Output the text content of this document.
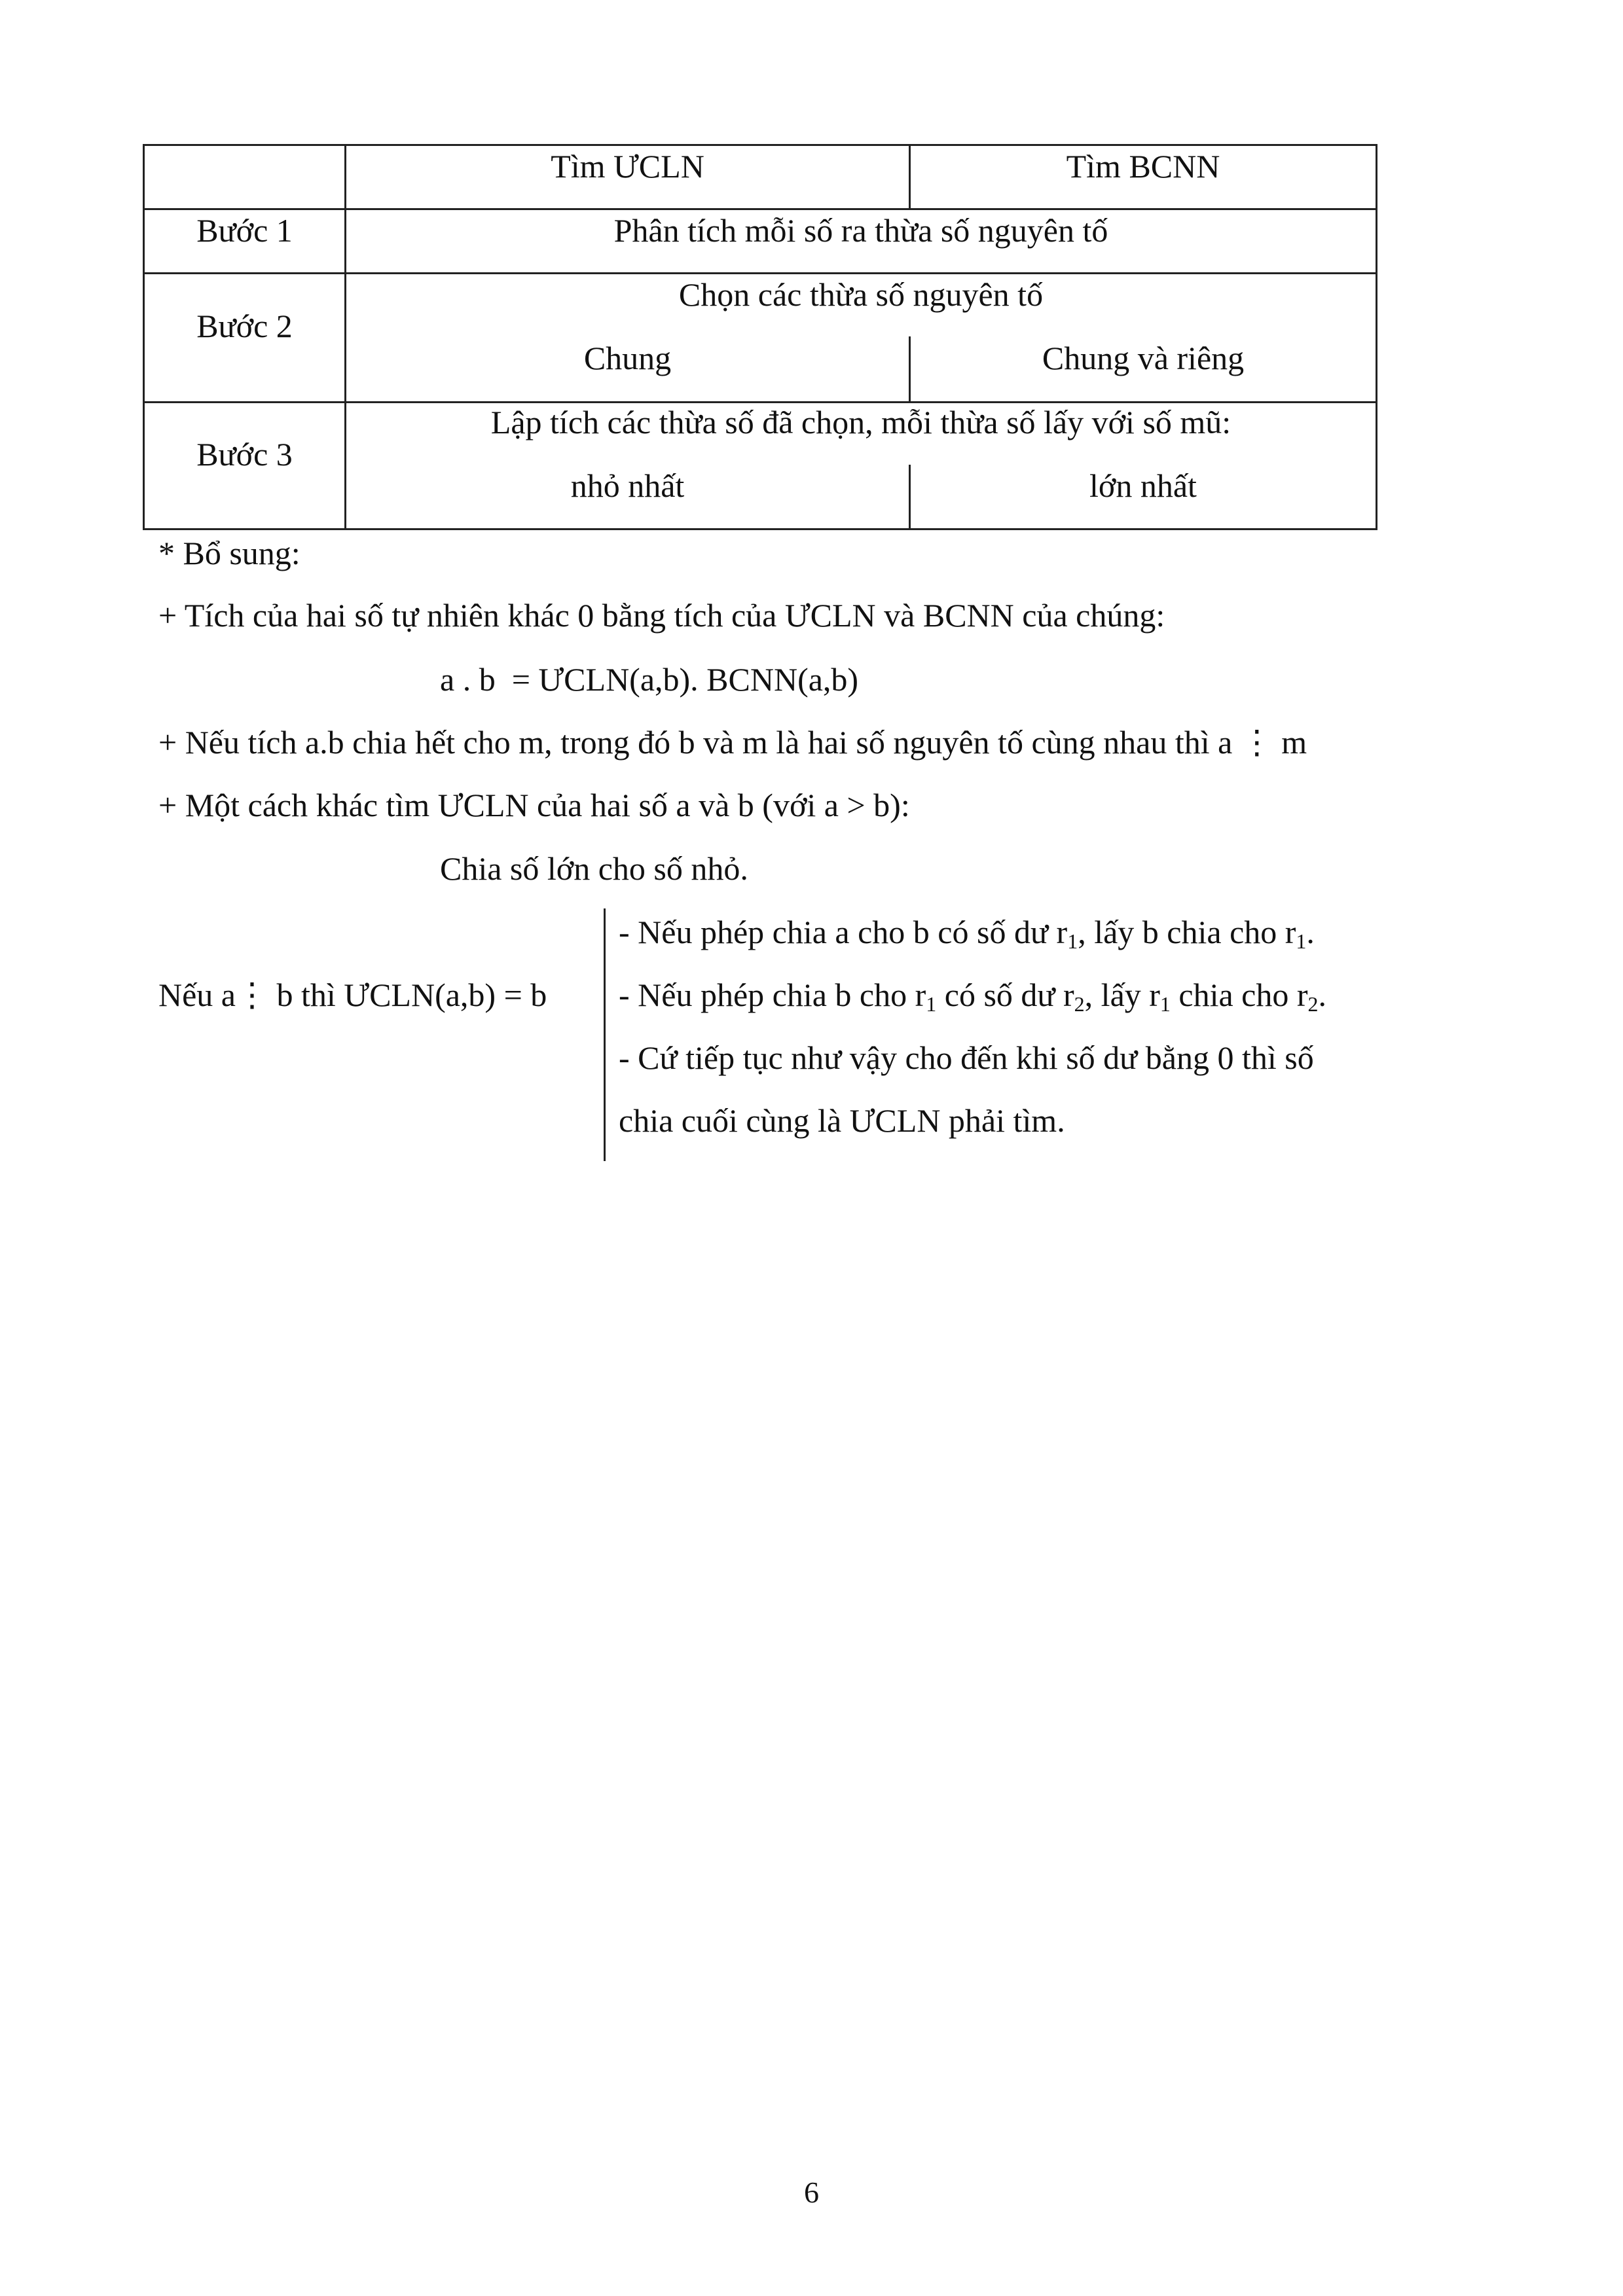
Tìm ƯCLN	Tìm BCNN
Bước 1	Phân tích mỗi số ra thừa số nguyên tố
Bước 2
Chọn các thừa số nguyên tố
Chung	Chung và riêng
Bước 3
Lập tích các thừa số đã chọn, mỗi thừa số lấy với số mũ:
nhỏ nhất	lớn nhất
* Bổ sung:
+ Tích của hai số tự nhiên khác 0 bằng tích của ƯCLN và BCNN của chúng:
a . b  = ƯCLN(a,b). BCNN(a,b)
+ Nếu tích a.b chia hết cho m, trong đó b và m là hai số nguyên tố cùng nhau thì a ⋮ m
+ Một cách khác tìm ƯCLN của hai số a và b (với a > b):
Chia số lớn cho số nhỏ.
Nếu a⋮ b thì ƯCLN(a,b) = b
- Nếu phép chia a cho b có số dư $r_1$, lấy b chia cho $r_1$.
- Nếu phép chia b cho $r_1$ có số dư $r_2$, lấy $r_1$ chia cho $r_2$.
- Cứ tiếp tục như vậy cho đến khi số dư bằng 0 thì số
chia cuối cùng là ƯCLN phải tìm.
6
